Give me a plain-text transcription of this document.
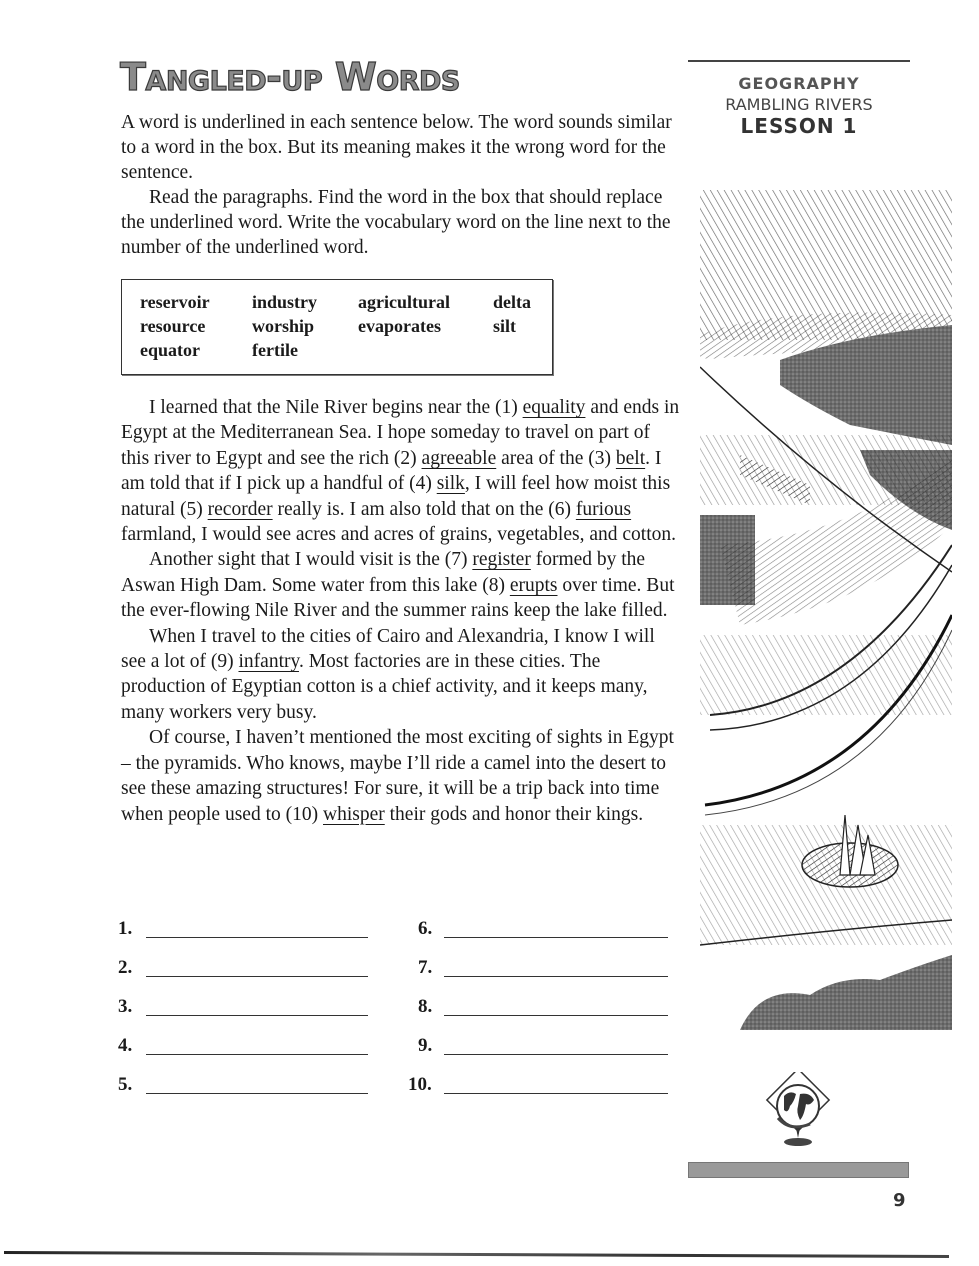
Tangled-up Words

A word is underlined in each sentence below. The word sounds similar to a word in the box. But its meaning makes it the wrong word for the sentence.

Read the paragraphs. Find the word in the box that should replace the underlined word. Write the vocabulary word on the line next to the number of the underlined word.

reservoir
resource
equator
industry
worship
fertile
agricultural
evaporates
delta
silt

I learned that the Nile River begins near the (1) equality and ends in Egypt at the Mediterranean Sea. I hope someday to travel on part of this river to Egypt and see the rich (2) agreeable area of the (3) belt. I am told that if I pick up a handful of (4) silk, I will feel how moist this natural (5) recorder really is. I am also told that on the (6) furious farmland, I would see acres and acres of grains, vegetables, and cotton.

Another sight that I would visit is the (7) register formed by the Aswan High Dam. Some water from this lake (8) erupts over time. But the ever-flowing Nile River and the summer rains keep the lake filled.

When I travel to the cities of Cairo and Alexandria, I know I will see a lot of (9) infantry. Most factories are in these cities. The production of Egyptian cotton is a chief activity, and it keeps many, many workers very busy.

Of course, I haven’t mentioned the most exciting of sights in Egypt – the pyramids. Who knows, maybe I’ll ride a camel into the desert to see these amazing structures! For sure, it will be a trip back into time when people used to (10) whisper their gods and honor their kings.

1.
2.
3.
4.
5.
6.
7.
8.
9.
10.
GEOGRAPHY
RAMBLING RIVERS
LESSON 1
9
